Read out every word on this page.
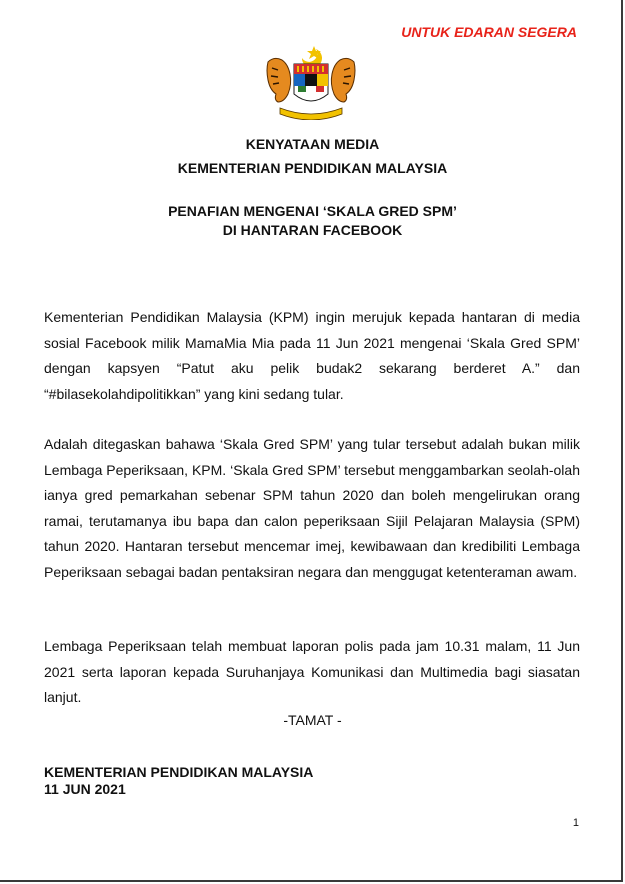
UNTUK EDARAN SEGERA
KENYATAAN MEDIA
KEMENTERIAN PENDIDIKAN MALAYSIA
PENAFIAN MENGENAI ‘SKALA GRED SPM’
DI HANTARAN FACEBOOK

Kementerian Pendidikan Malaysia (KPM) ingin merujuk kepada hantaran di media sosial Facebook milik MamaMia Mia pada 11 Jun 2021 mengenai ‘Skala Gred SPM’ dengan kapsyen “Patut aku pelik budak2 sekarang berderet A.” dan “#bilasekolahdipolitikkan” yang kini sedang tular.

Adalah ditegaskan bahawa ‘Skala Gred SPM’ yang tular tersebut adalah bukan milik Lembaga Peperiksaan, KPM. ‘Skala Gred SPM’ tersebut menggambarkan seolah-olah ianya gred pemarkahan sebenar SPM tahun 2020 dan boleh mengelirukan orang ramai, terutamanya ibu bapa dan calon peperiksaan Sijil Pelajaran Malaysia (SPM) tahun 2020. Hantaran tersebut mencemar imej, kewibawaan dan kredibiliti Lembaga Peperiksaan sebagai badan pentaksiran negara dan menggugat ketenteraman awam.

Lembaga Peperiksaan telah membuat laporan polis pada jam 10.31 malam, 11 Jun 2021 serta laporan kepada Suruhanjaya Komunikasi dan Multimedia bagi siasatan lanjut.

-TAMAT -
KEMENTERIAN PENDIDIKAN MALAYSIA
11 JUN 2021
1
